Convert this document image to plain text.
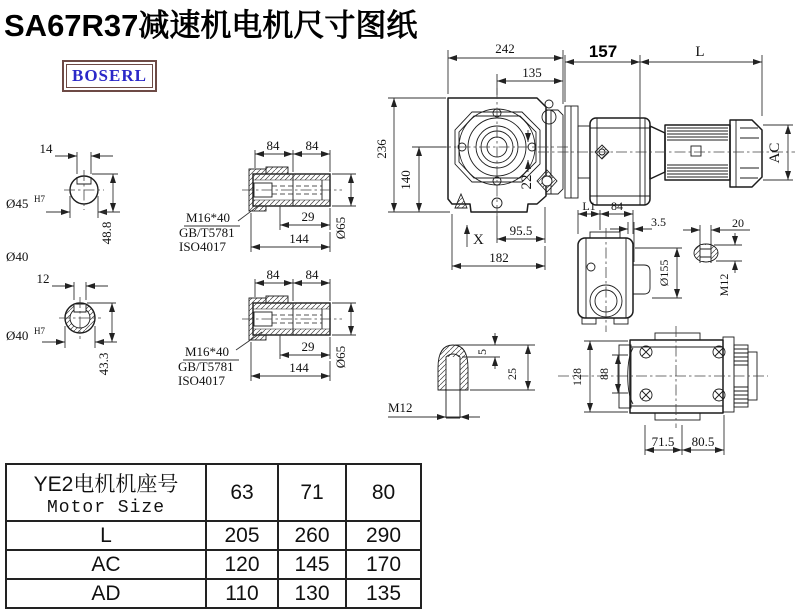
SA67R37减速机电机尺寸图纸
BOSERL
14
Ø45 H7
48.8
Ø40
12
Ø40 H7
43.3
84 84
29
144 Ø65
M16*40
GB/T5781
ISO4017
84 84
29
144 Ø65
M16*40
GB/T5781
ISO4017
242
135
236
140	22
X
95.5
182
157	L
AC
L1 84
3.5
Ø155
20
M12
128 88
71.5 80.5
M12
5
25
YE2电机机座号
Motor Size	63	71	80
L	205	260	290
AC	120	145	170
AD	110	130	135
